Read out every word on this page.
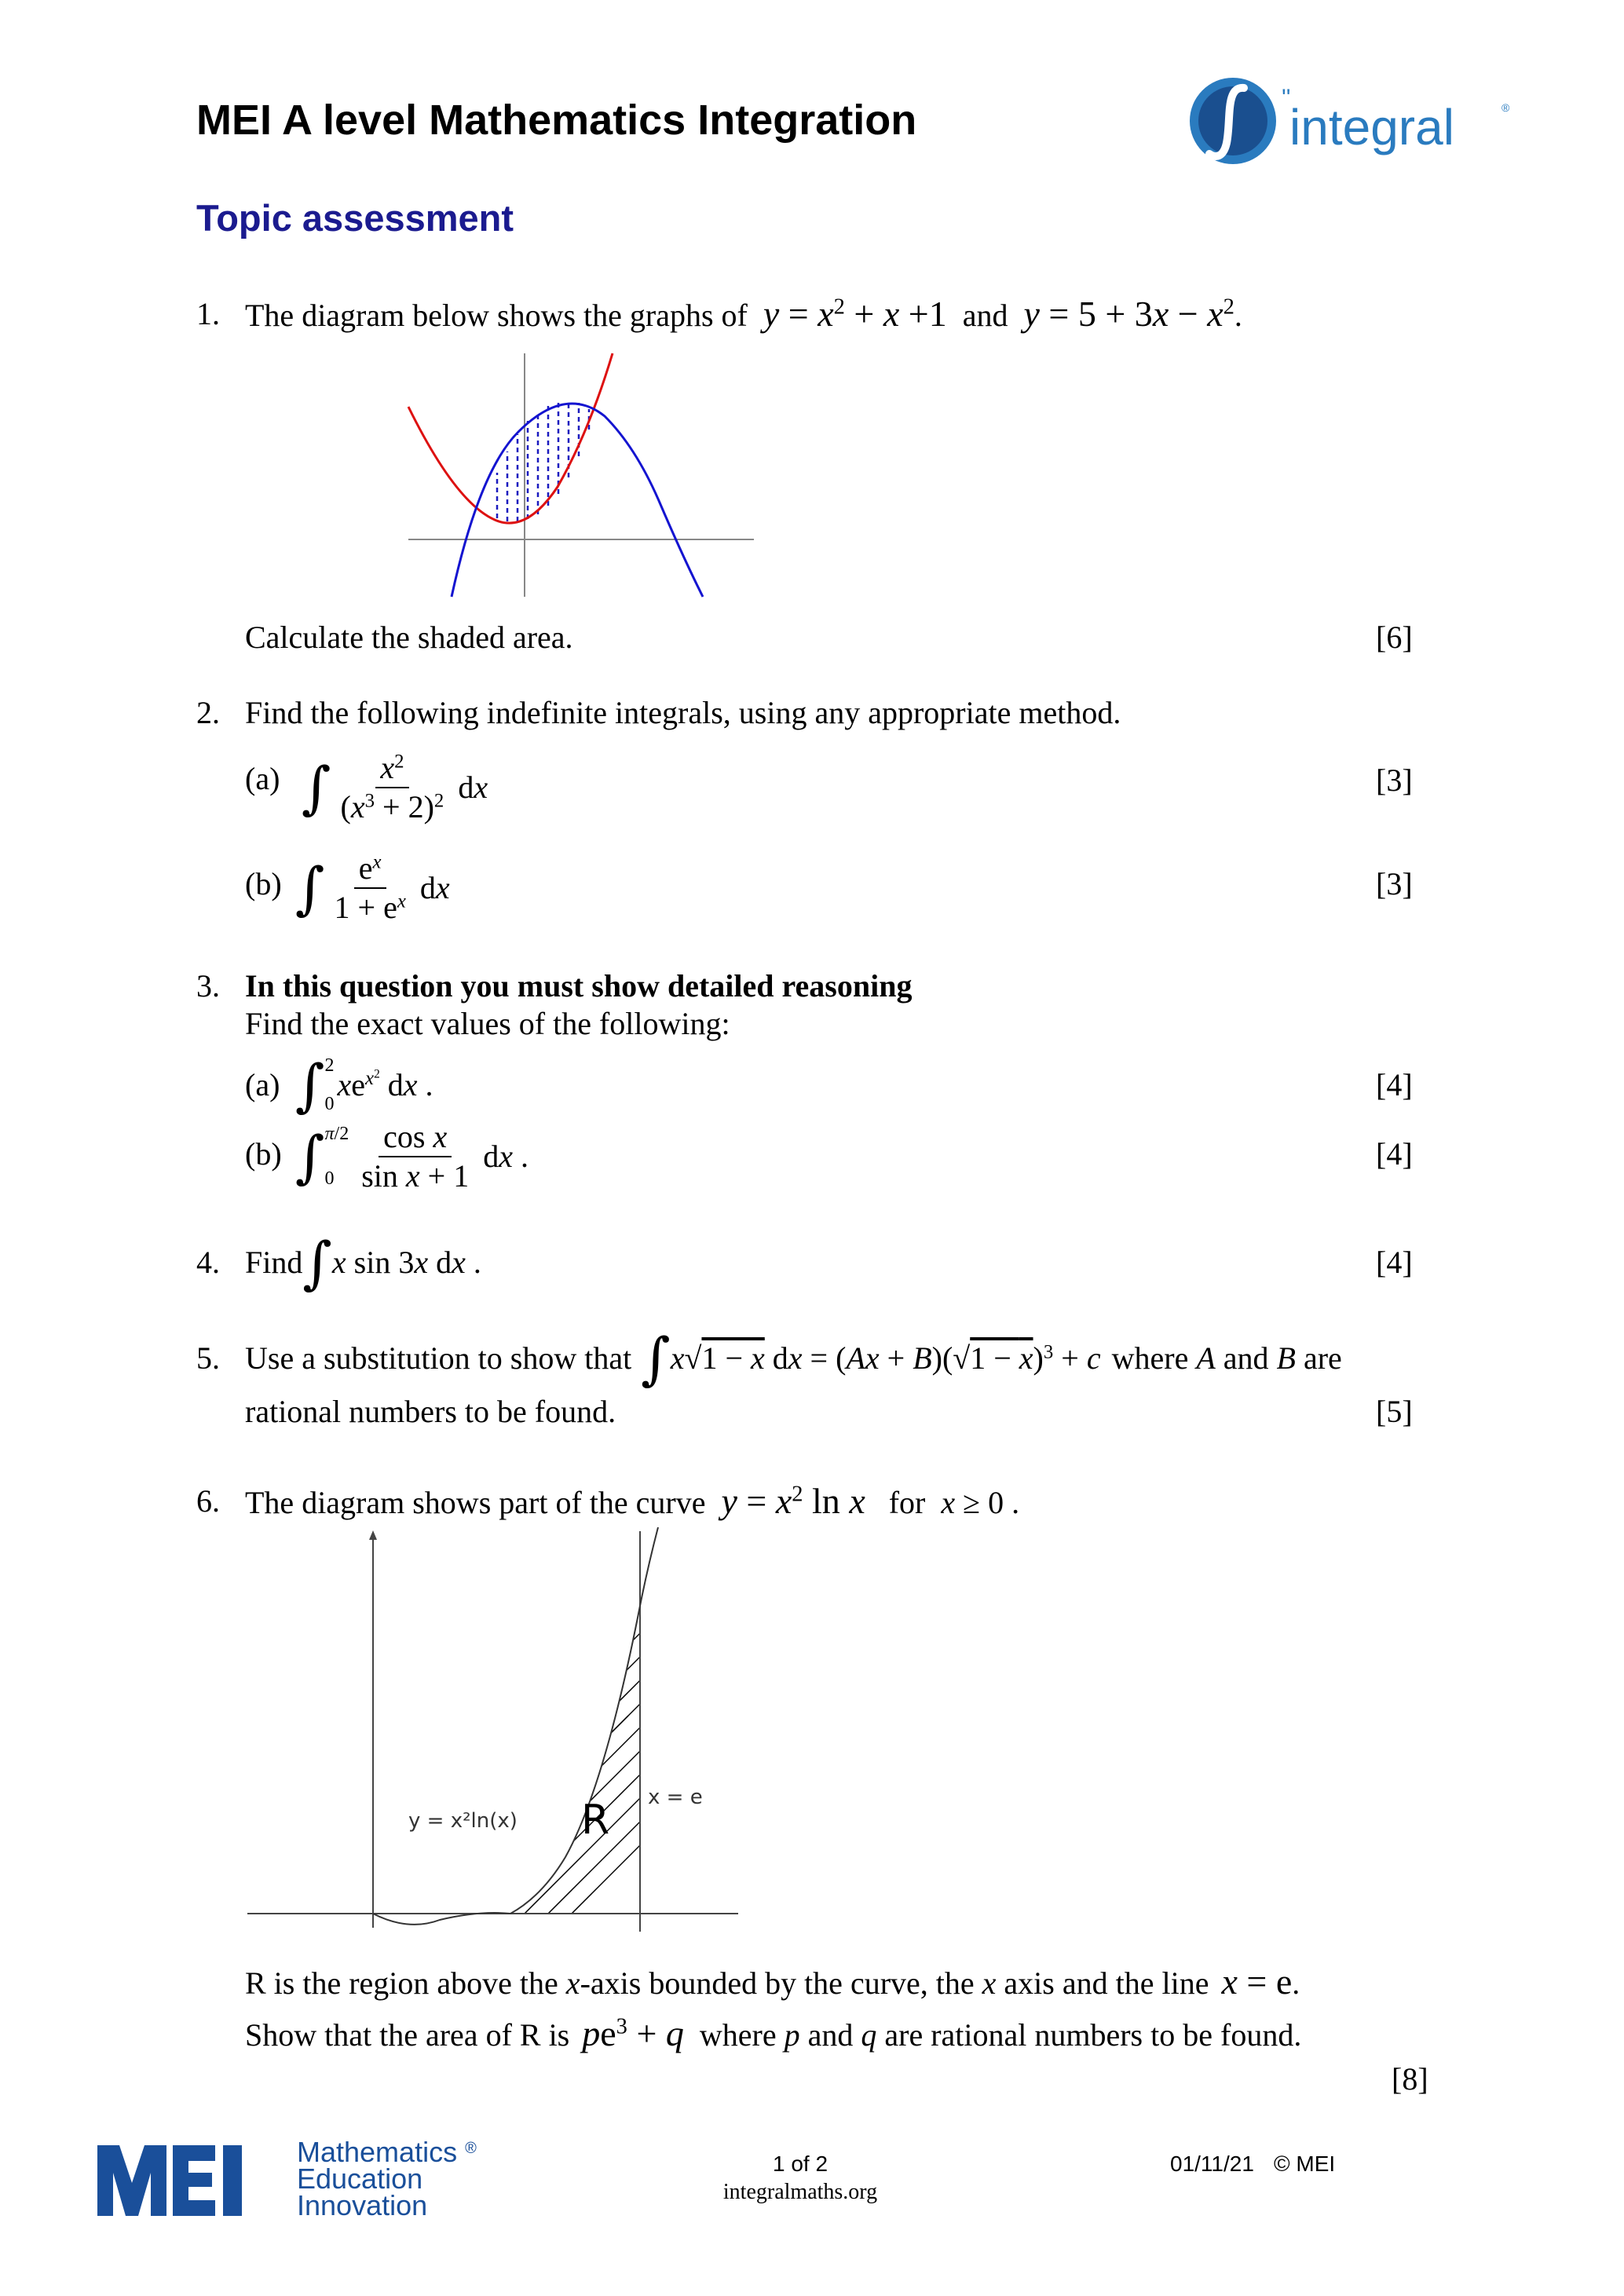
MEI A level Mathematics Integration
Topic assessment
''
integral	®
1. The diagram below shows the graphs of $y = x^2 + x +1$ and $y = 5 + 3x - x^2$.
Calculate the shaded area.	[6]
2. Find the following indefinite integrals, using any appropriate method.
(a) ∫ $\frac{x^2}{(x^3 + 2)^2}$ dx	[3]
(b) ∫ $\frac{e^x}{1 + e^x}$ dx	[3]
3. In this question you must show detailed reasoning
Find the exact values of the following:
(a) ∫ 2
0
$xe^{x^2}$ dx .	[4]
(b) ∫ π/2
$0 \frac{\text{cos x}}{\text{sin x + 1}}$ dx .	[4]
4. Find ∫ x sin 3x dx .	[4]
5. Use a substitution to show that ∫ x√1 − x dx = $(Ax + B)(√1 - x)^3 + c$ where A and B are
rational numbers to be found.	[5]
6. The diagram shows part of the curve $y = x^2$ ln x for x ≥ 0 .
y = x²ln(x) R x = e
R is the region above the x-axis bounded by the curve, the x axis and the line x = e.
Show that the area of R is $pe^3 + q$ where p and q are rational numbers to be found.
[8]
Mathematics ®
Education
Innovation
1 of 2
integralmaths.org
01/11/21 © MEI
